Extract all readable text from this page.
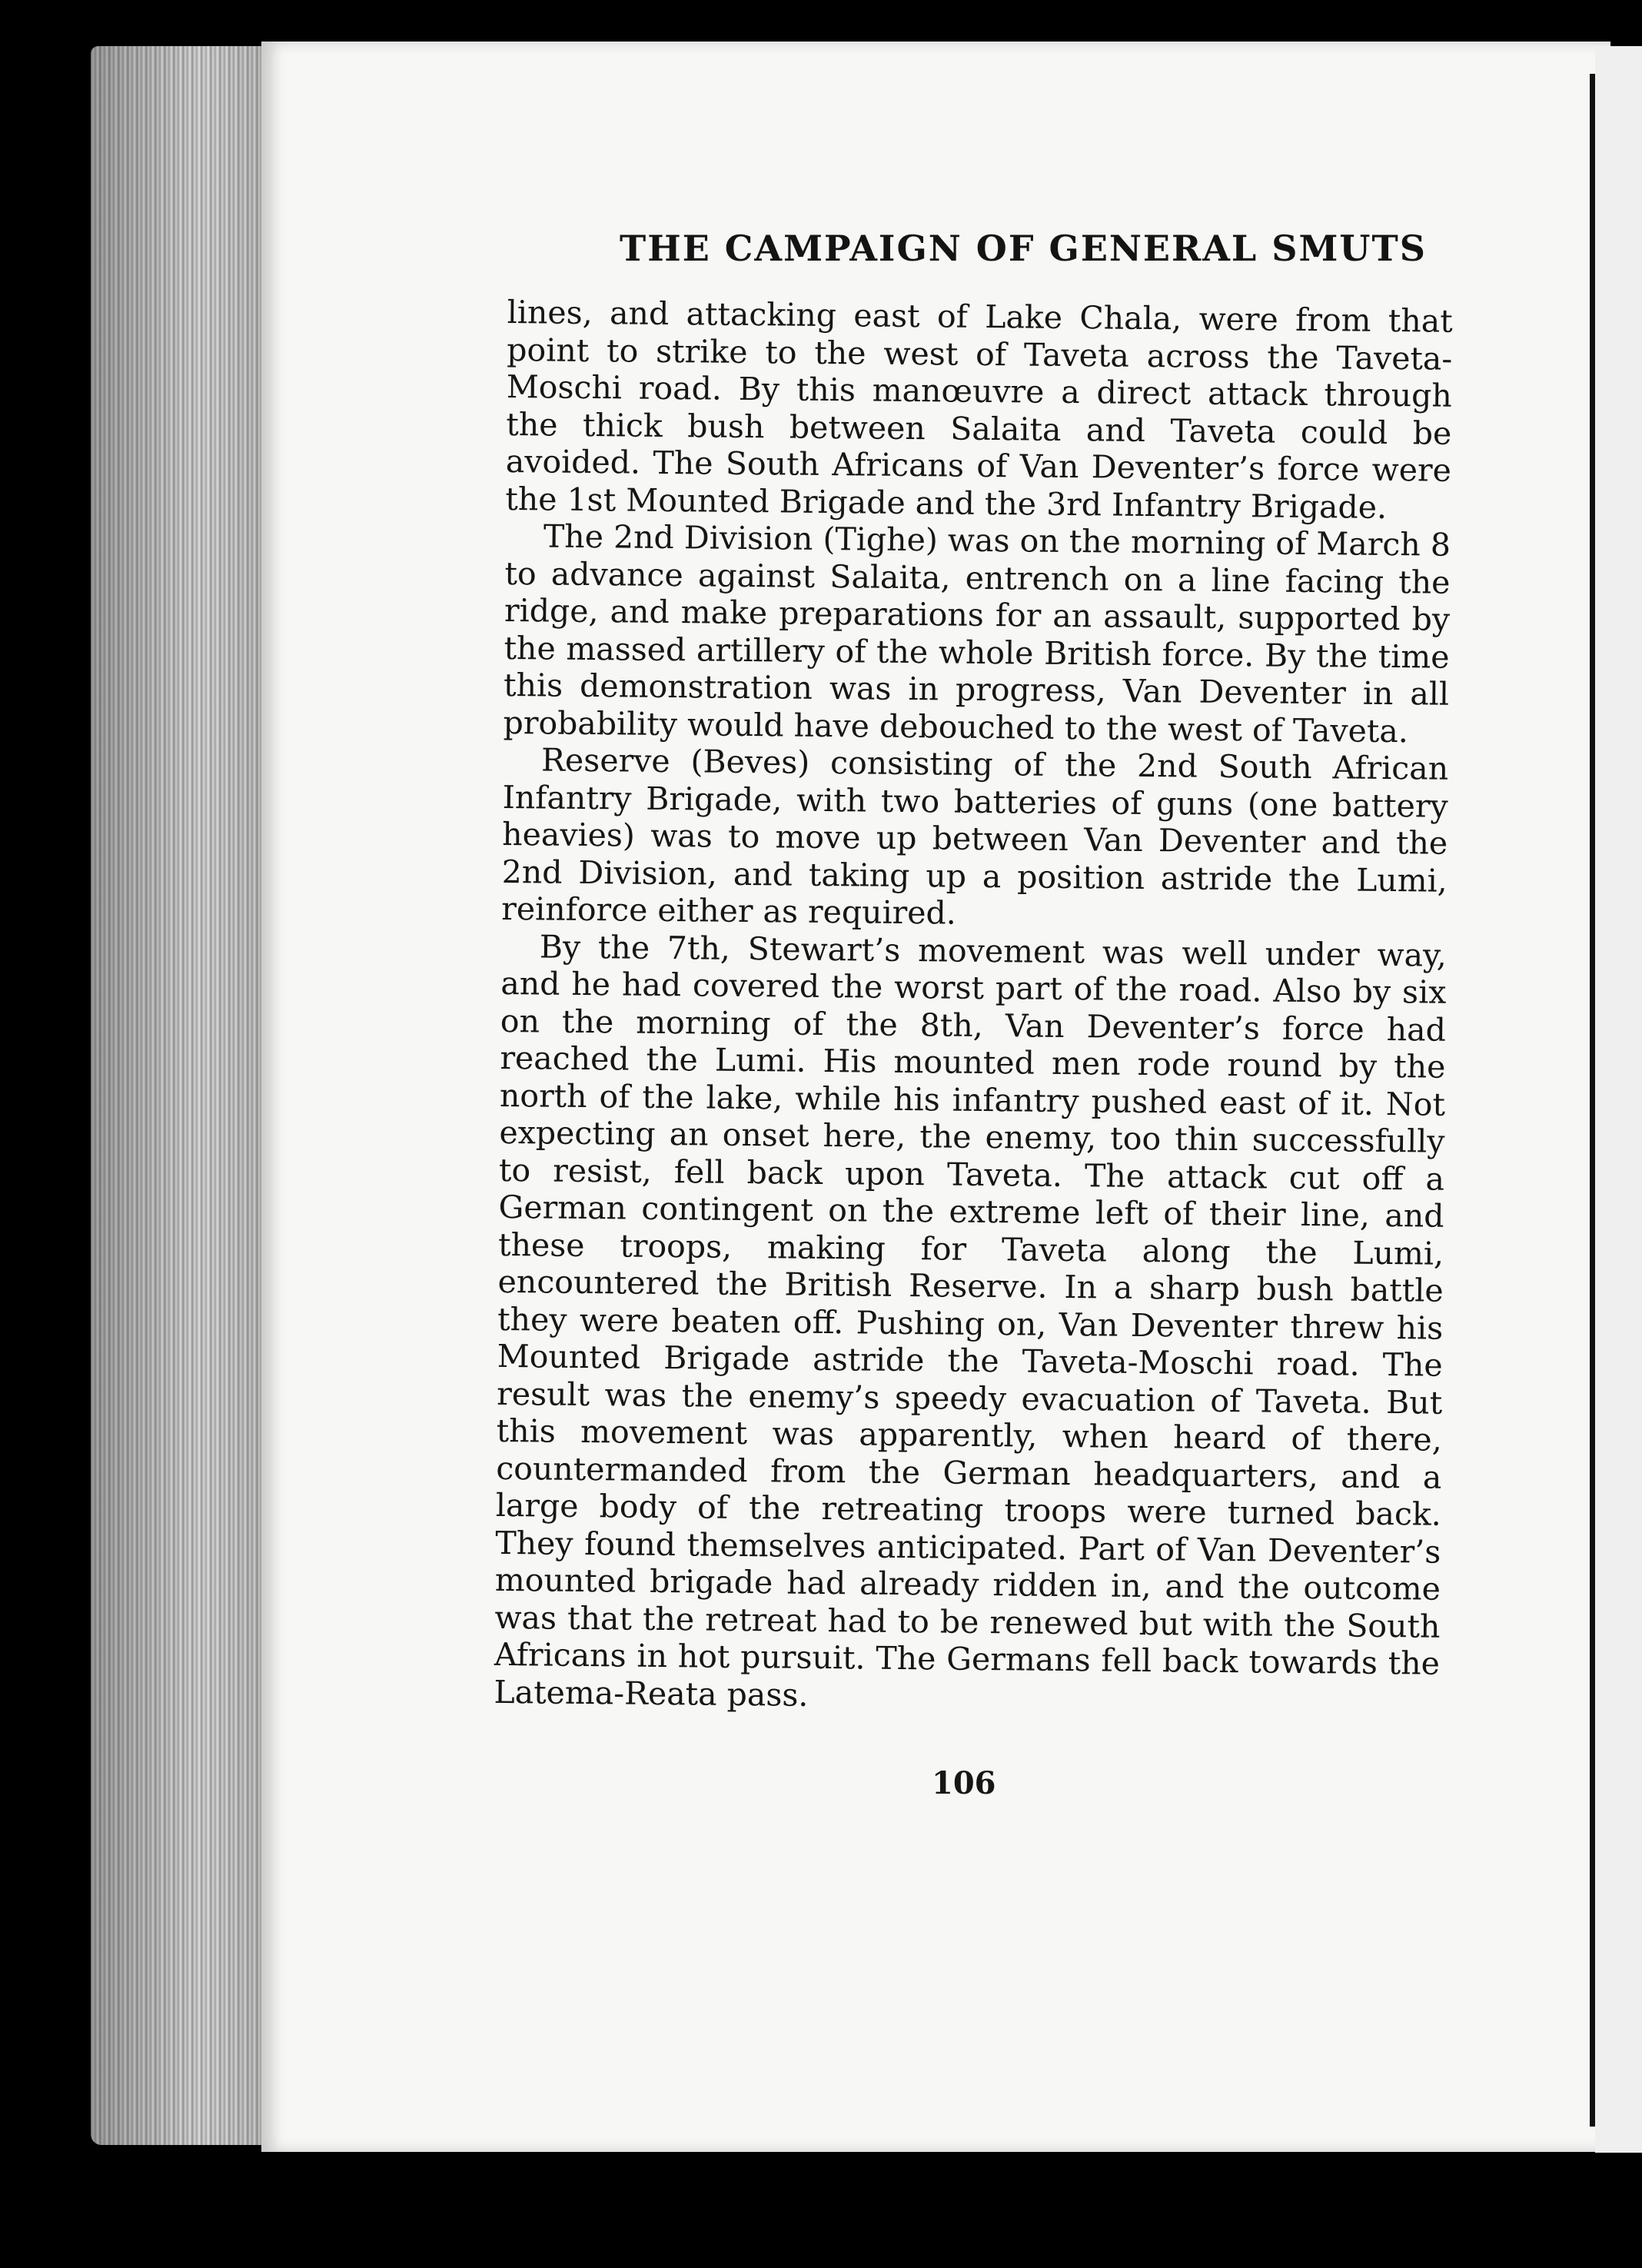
THE CAMPAIGN OF GENERAL SMUTS

lines, and attacking east of Lake Chala, were from that point to strike to the west of Taveta across the Taveta-Moschi road. By this manœuvre a direct attack through the thick bush between Salaita and Taveta could be avoided. The South Africans of Van Deventer’s force were the 1st Mounted Brigade and the 3rd Infantry Brigade.

The 2nd Division (Tighe) was on the morning of March 8 to advance against Salaita, entrench on a line facing the ridge, and make preparations for an assault, supported by the massed artillery of the whole British force. By the time this demonstration was in progress, Van Deventer in all probability would have debouched to the west of Taveta.

Reserve (Beves) consisting of the 2nd South African Infantry Brigade, with two batteries of guns (one battery heavies) was to move up between Van Deventer and the 2nd Division, and taking up a position astride the Lumi, reinforce either as required.

By the 7th, Stewart’s movement was well under way, and he had covered the worst part of the road. Also by six on the morning of the 8th, Van Deventer’s force had reached the Lumi. His mounted men rode round by the north of the lake, while his infantry pushed east of it. Not expecting an onset here, the enemy, too thin successfully to resist, fell back upon Taveta. The attack cut off a German contingent on the extreme left of their line, and these troops, making for Taveta along the Lumi, encountered the British Reserve. In a sharp bush battle they were beaten off. Pushing on, Van Deventer threw his Mounted Brigade astride the Taveta-Moschi road. The result was the enemy’s speedy evacuation of Taveta. But this movement was apparently, when heard of there, countermanded from the German headquarters, and a large body of the retreating troops were turned back. They found themselves anticipated. Part of Van Deventer’s mounted brigade had already ridden in, and the outcome was that the retreat had to be renewed but with the South Africans in hot pursuit. The Germans fell back towards the Latema-Reata pass.

106
